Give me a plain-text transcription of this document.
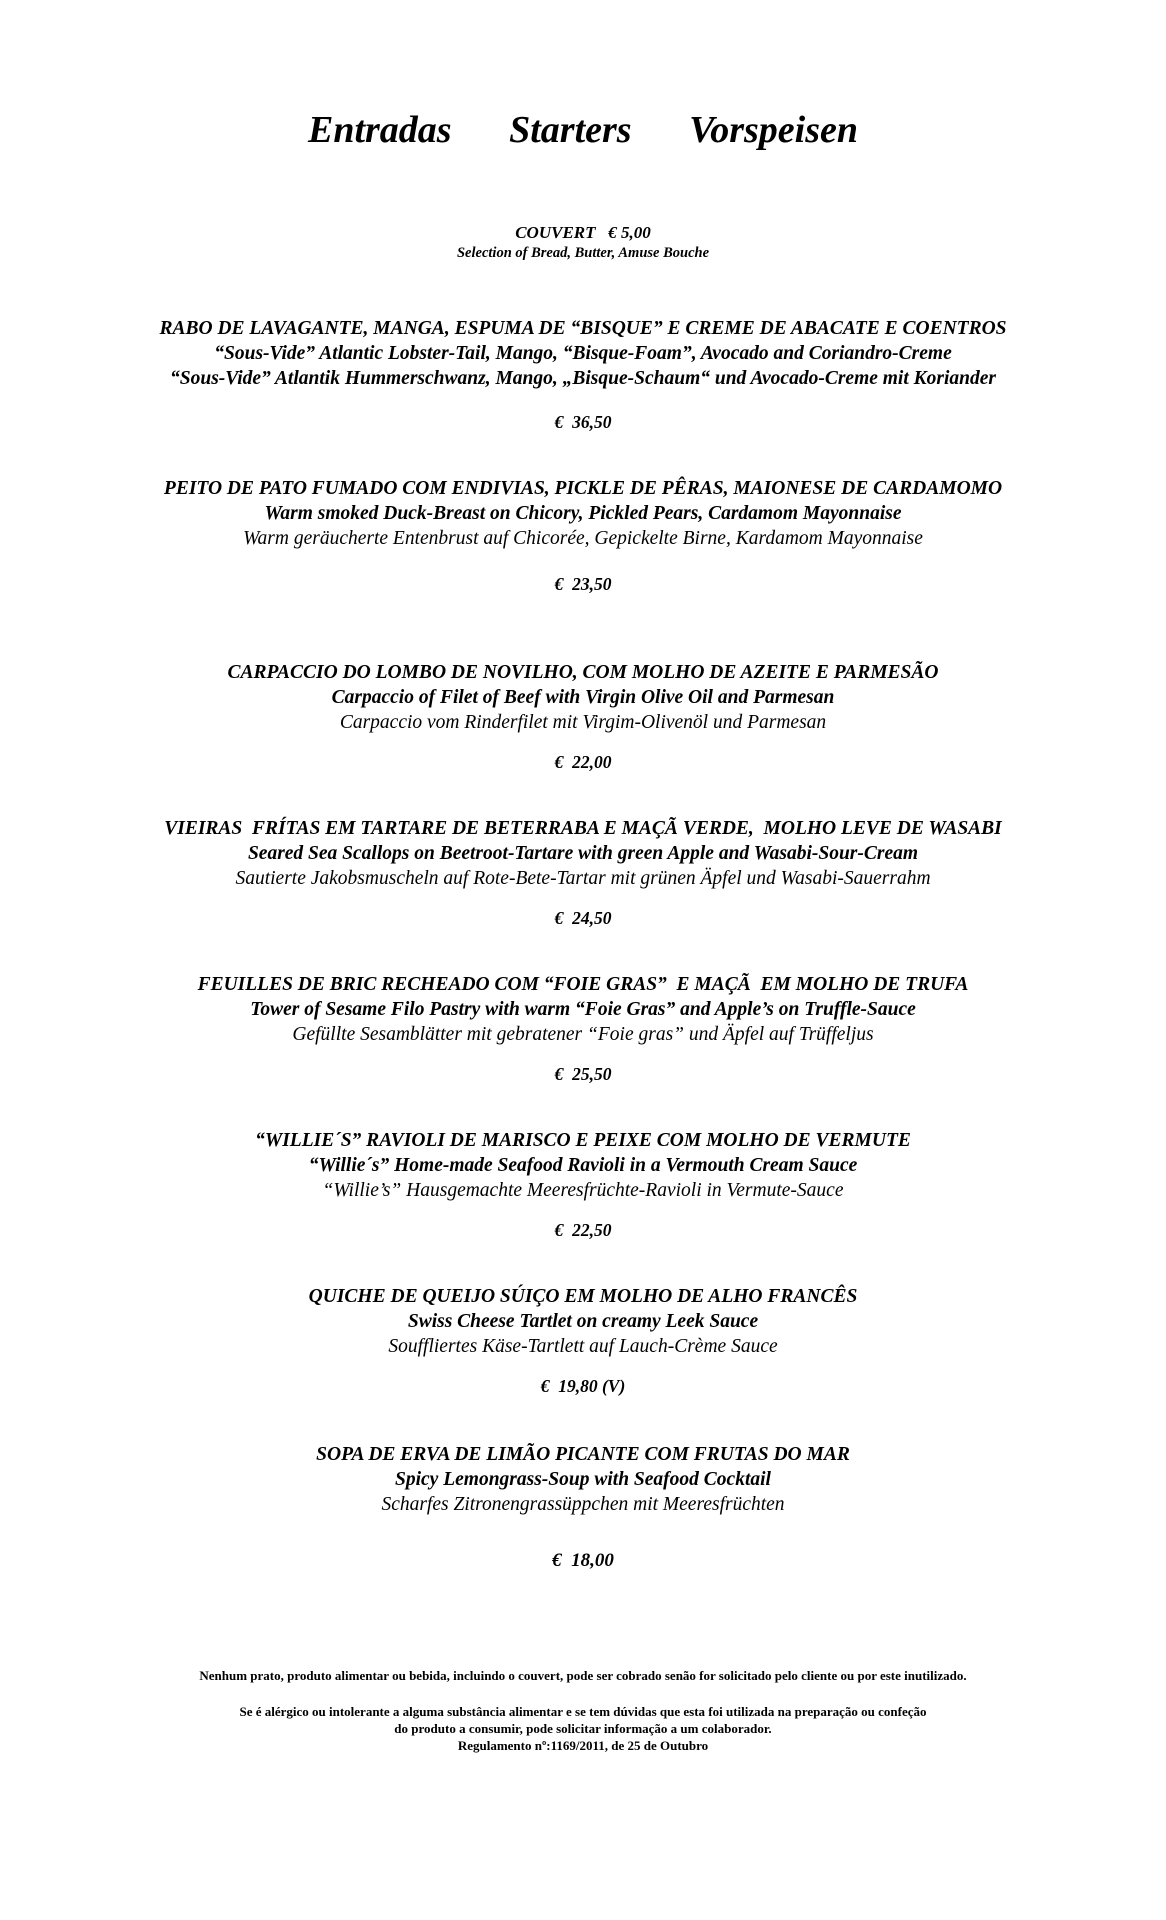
Entradas Starters Vorspeisen
COUVERT   € 5,00
Selection of Bread, Butter, Amuse Bouche
RABO DE LAVAGANTE, MANGA, ESPUMA DE “BISQUE” E CREME DE ABACATE E COENTROS
“Sous-Vide” Atlantic Lobster-Tail, Mango, “Bisque-Foam”, Avocado and Coriandro-Creme
“Sous-Vide” Atlantik Hummerschwanz, Mango, „Bisque-Schaum“ und Avocado-Creme mit Koriander
€  36,50
PEITO DE PATO FUMADO COM ENDIVIAS, PICKLE DE PÊRAS, MAIONESE DE CARDAMOMO
Warm smoked Duck-Breast on Chicory, Pickled Pears, Cardamom Mayonnaise
Warm geräucherte Entenbrust auf Chicorée, Gepickelte Birne, Kardamom Mayonnaise
€  23,50
CARPACCIO DO LOMBO DE NOVILHO, COM MOLHO DE AZEITE E PARMESÃO
Carpaccio of Filet of Beef with Virgin Olive Oil and Parmesan
Carpaccio vom Rinderfilet mit Virgim-Olivenöl und Parmesan
€  22,00
VIEIRAS  FRÍTAS EM TARTARE DE BETERRABA E MAÇÃ VERDE,  MOLHO LEVE DE WASABI
Seared Sea Scallops on Beetroot-Tartare with green Apple and Wasabi-Sour-Cream
Sautierte Jakobsmuscheln auf Rote-Bete-Tartar mit grünen Äpfel und Wasabi-Sauerrahm
€  24,50
FEUILLES DE BRIC RECHEADO COM “FOIE GRAS”  E MAÇÃ  EM MOLHO DE TRUFA
Tower of Sesame Filo Pastry with warm “Foie Gras” and Apple’s on Truffle-Sauce
Gefüllte Sesamblätter mit gebratener “Foie gras” und Äpfel auf Trüffeljus
€  25,50
“WILLIE´S” RAVIOLI DE MARISCO E PEIXE COM MOLHO DE VERMUTE
“Willie´s” Home-made Seafood Ravioli in a Vermouth Cream Sauce
“Willie’s” Hausgemachte Meeresfrüchte-Ravioli in Vermute-Sauce
€  22,50
QUICHE DE QUEIJO SÚIÇO EM MOLHO DE ALHO FRANCÊS
Swiss Cheese Tartlet on creamy Leek Sauce
Souffliertes Käse-Tartlett auf Lauch-Crème Sauce
€  19,80 (V)
SOPA DE ERVA DE LIMÃO PICANTE COM FRUTAS DO MAR
Spicy Lemongrass-Soup with Seafood Cocktail
Scharfes Zitronengrassüppchen mit Meeresfrüchten
€  18,00
Nenhum prato, produto alimentar ou bebida, incluindo o couvert, pode ser cobrado senão for solicitado pelo cliente ou por este inutilizado.
Se é alérgico ou intolerante a alguma substância alimentar e se tem dúvidas que esta foi utilizada na preparação ou confeção
do produto a consumir, pode solicitar informação a um colaborador.
Regulamento nº:1169/2011, de 25 de Outubro
